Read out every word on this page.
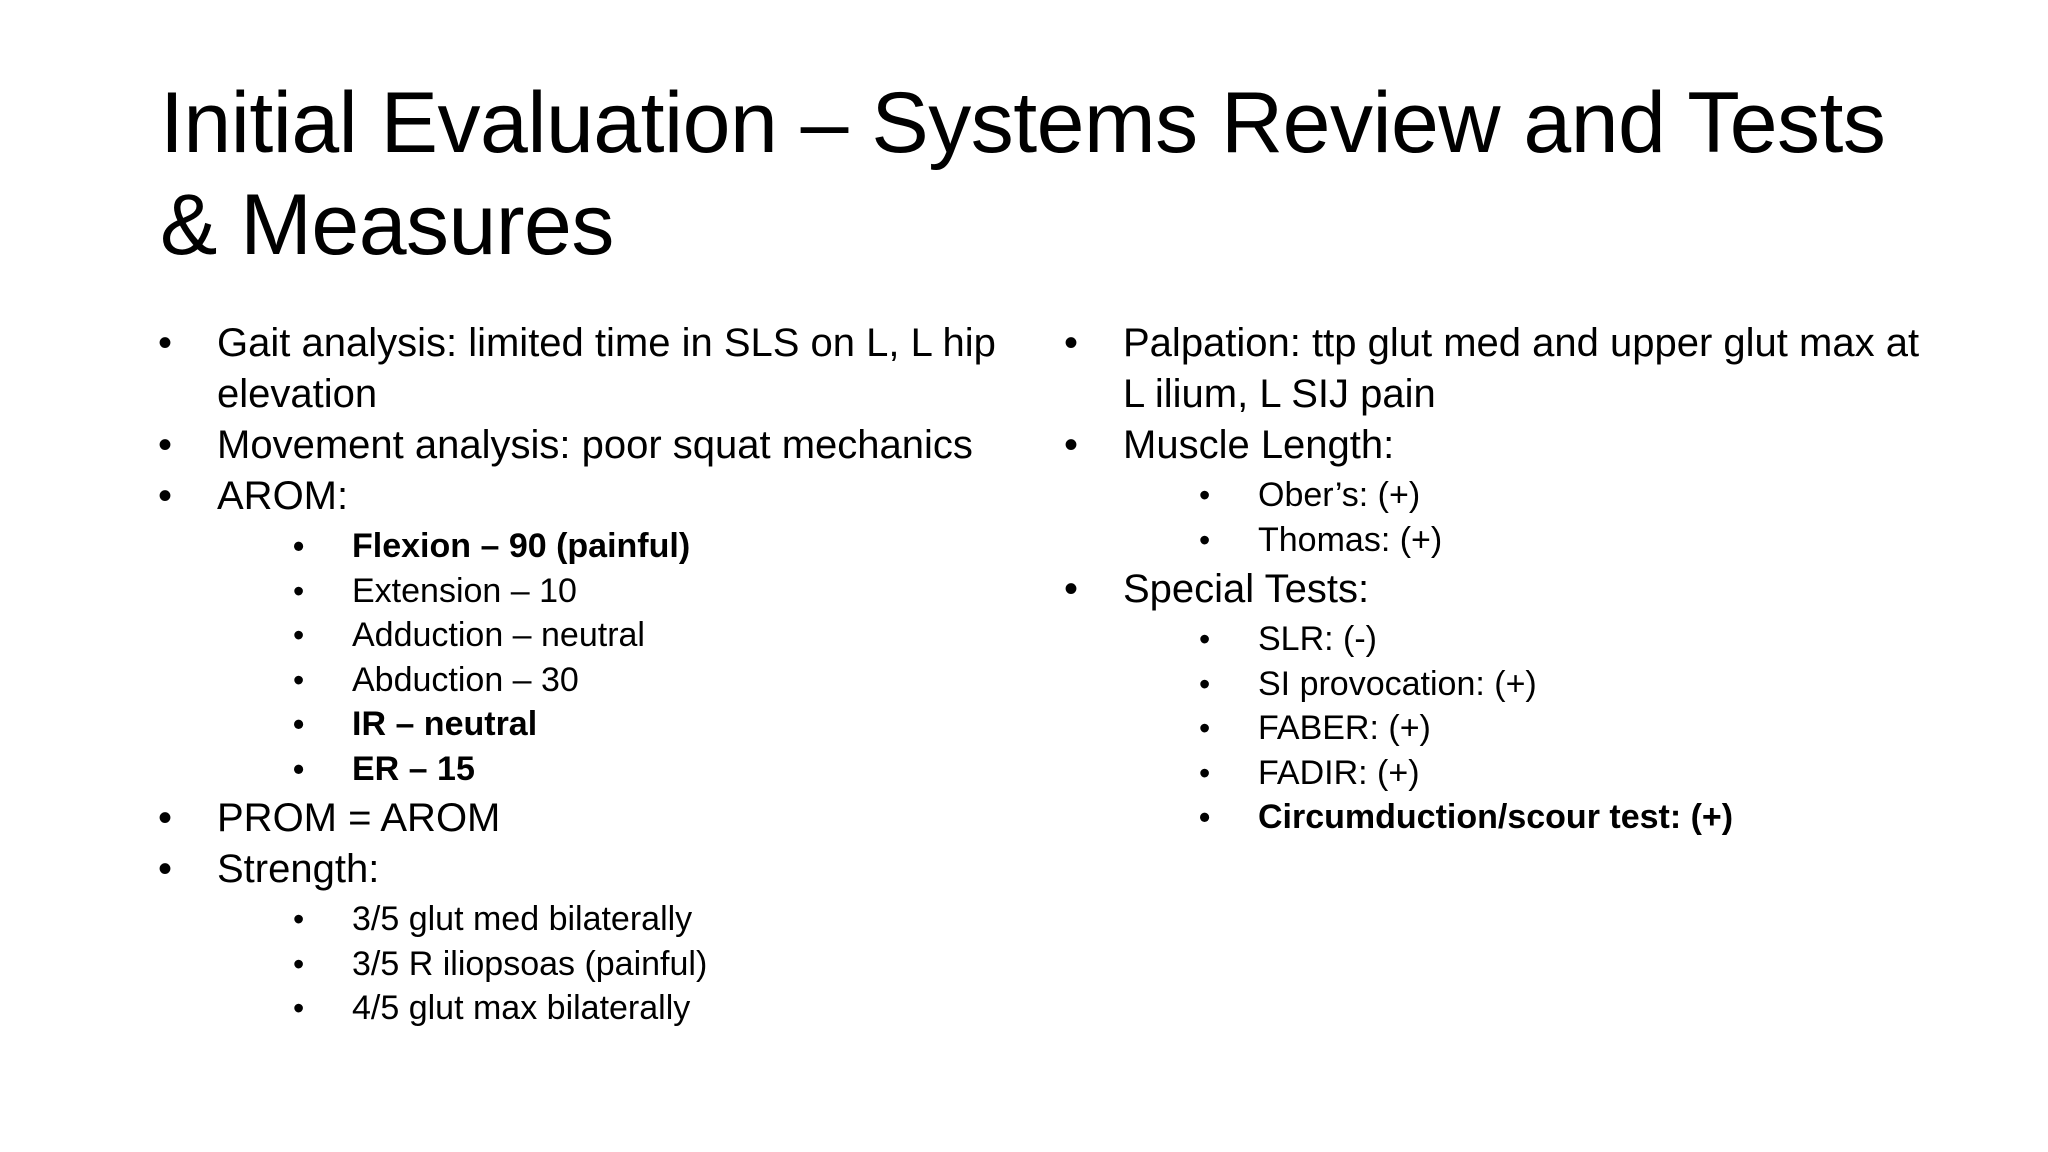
Initial Evaluation – Systems Review and Tests & Measures
• Gait analysis: limited time in SLS on L, L hip elevation
• Movement analysis: poor squat mechanics
• AROM:
• Flexion – 90 (painful)
• Extension – 10
• Adduction – neutral
• Abduction – 30
• IR – neutral
• ER – 15
• PROM = AROM
• Strength:
• 3/5 glut med bilaterally
• 3/5 R iliopsoas (painful)
• 4/5 glut max bilaterally
• Palpation: ttp glut med and upper glut max at L ilium, L SIJ pain
• Muscle Length:
• Ober’s: (+)
• Thomas: (+)
• Special Tests:
• SLR: (-)
• SI provocation: (+)
• FABER: (+)
• FADIR: (+)
• Circumduction/scour test: (+)
